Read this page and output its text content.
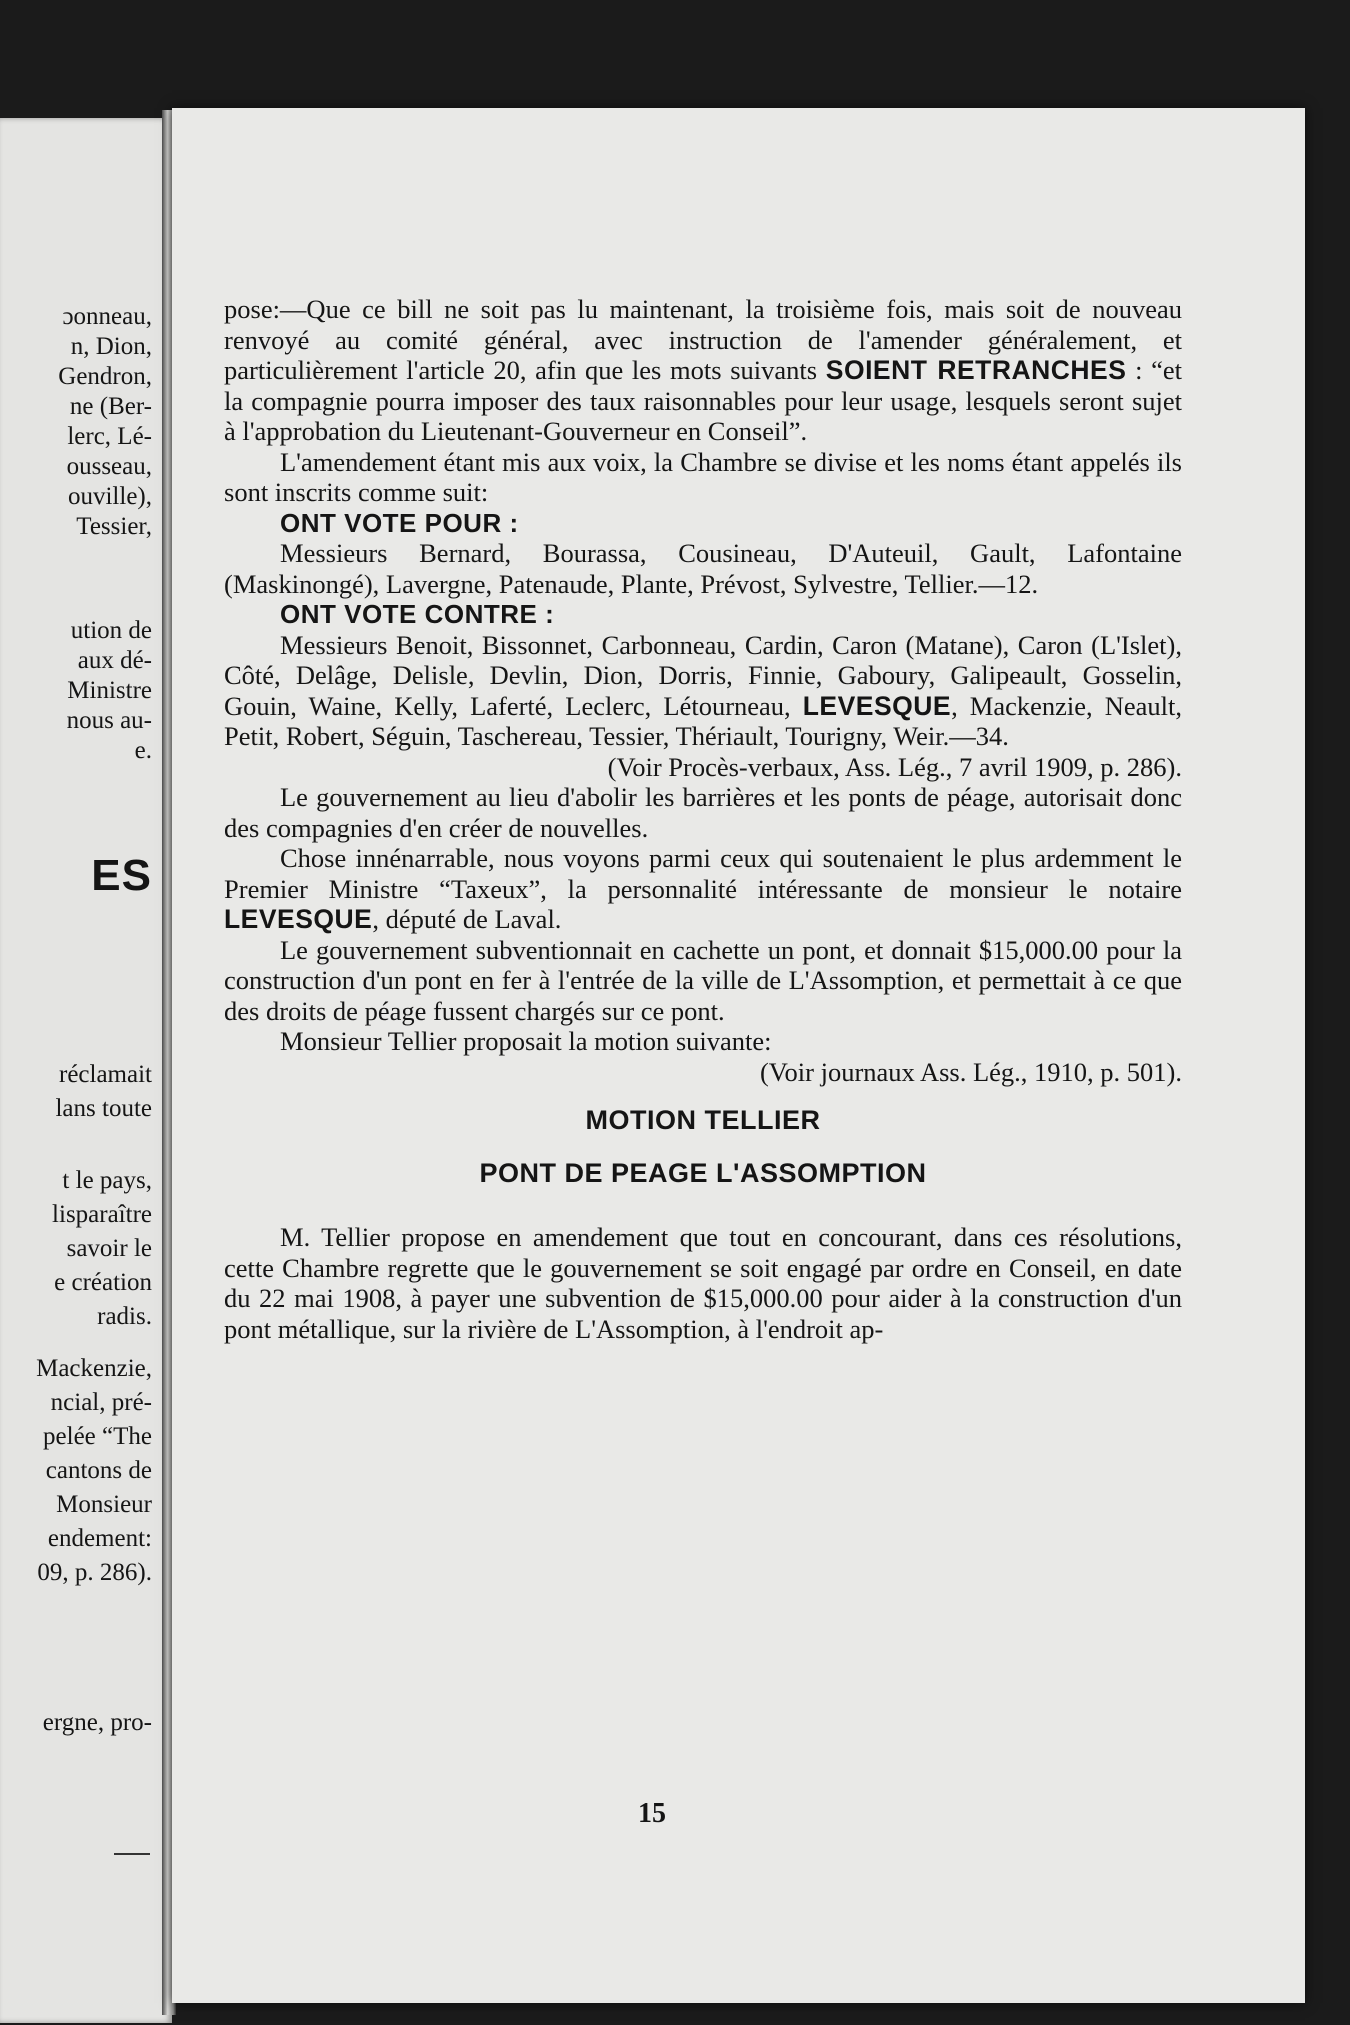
ɔonneau,
n, Dion,
Gendron,
ne (Ber-
lerc, Lé-
ousseau,
ouville),
Tessier,
ution de
aux dé-
Ministre
nous au-
e.
réclamait
lans toute
t le pays,
lisparaître
savoir le
e création
radis.
Mackenzie,
ncial, pré-
pelée “The
cantons de
Monsieur
endement:
09, p. 286).
ergne, pro-
ES

pose:—Que ce bill ne soit pas lu maintenant, la troisième fois, mais soit de nouveau renvoyé au comité général, avec instruction de l'amender généralement, et particulièrement l'article 20, afin que les mots suivants SOIENT RETRANCHES : “et la compagnie pourra imposer des taux raisonnables pour leur usage, lesquels seront sujet à l'approbation du Lieutenant-Gouverneur en Conseil”.

L'amendement étant mis aux voix, la Chambre se divise et les noms étant appelés ils sont inscrits comme suit:

ONT VOTE POUR :

Messieurs Bernard, Bourassa, Cousineau, D'Auteuil, Gault, Lafontaine (Maskinongé), Lavergne, Patenaude, Plante, Prévost, Sylvestre, Tellier.—12.

ONT VOTE CONTRE :

Messieurs Benoit, Bissonnet, Carbonneau, Cardin, Caron (Matane), Caron (L'Islet), Côté, Delâge, Delisle, Devlin, Dion, Dorris, Finnie, Gaboury, Galipeault, Gosselin, Gouin, Waine, Kelly, Laferté, Leclerc, Létourneau, LEVESQUE, Mackenzie, Neault, Petit, Robert, Séguin, Taschereau, Tessier, Thériault, Tourigny, Weir.—34.

(Voir Procès-verbaux, Ass. Lég., 7 avril 1909, p. 286).

Le gouvernement au lieu d'abolir les barrières et les ponts de péage, autorisait donc des compagnies d'en créer de nouvelles.

Chose innénarrable, nous voyons parmi ceux qui soutenaient le plus ardemment le Premier Ministre “Taxeux”, la personnalité intéressante de monsieur le notaire LEVESQUE, député de Laval.

Le gouvernement subventionnait en cachette un pont, et donnait $15,000.00 pour la construction d'un pont en fer à l'entrée de la ville de L'Assomption, et permettait à ce que des droits de péage fussent chargés sur ce pont.

Monsieur Tellier proposait la motion suivante:

(Voir journaux Ass. Lég., 1910, p. 501).

MOTION TELLIER

PONT DE PEAGE L'ASSOMPTION

M. Tellier propose en amendement que tout en concourant, dans ces résolutions, cette Chambre regrette que le gouvernement se soit engagé par ordre en Conseil, en date du 22 mai 1908, à payer une subvention de $15,000.00 pour aider à la construction d'un pont métallique, sur la rivière de L'Assomption, à l'endroit ap-

15
